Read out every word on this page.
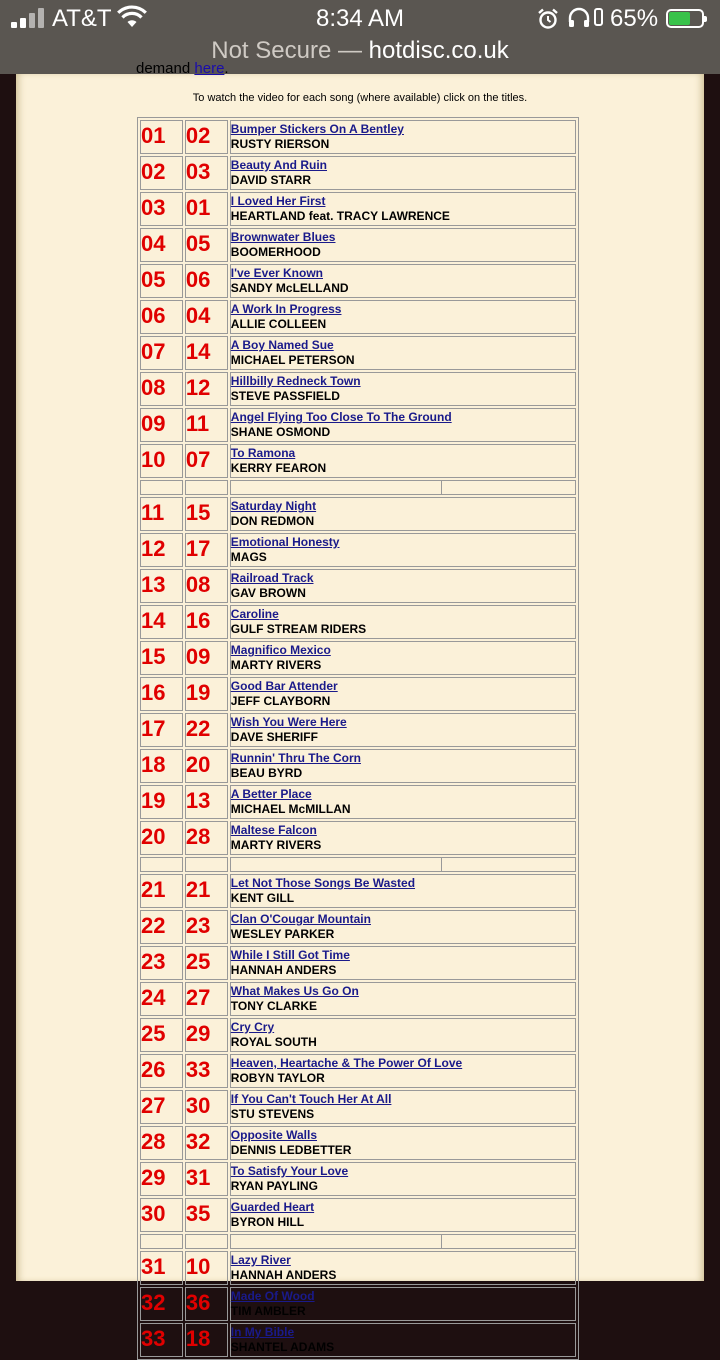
AT&T	8:34 AM	65%
Not Secure — hotdisc.co.uk
demand here.
To watch the video for each song (where available) click on the titles.
01	02	Bumper Stickers On A Bentley
RUSTY RIERSON

02	03	Beauty And Ruin
DAVID STARR

03	01	I Loved Her First
HEARTLAND feat. TRACY LAWRENCE

04	05	Brownwater Blues
BOOMERHOOD

05	06	I've Ever Known
SANDY McLELLAND

06	04	A Work In Progress
ALLIE COLLEEN

07	14	A Boy Named Sue
MICHAEL PETERSON

08	12	Hillbilly Redneck Town
STEVE PASSFIELD

09	11	Angel Flying Too Close To The Ground
SHANE OSMOND

10	07	To Ramona
KERRY FEARON

11	15	Saturday Night
DON REDMON

12	17	Emotional Honesty
MAGS

13	08	Railroad Track
GAV BROWN

14	16	Caroline
GULF STREAM RIDERS

15	09	Magnifico Mexico
MARTY RIVERS

16	19	Good Bar Attender
JEFF CLAYBORN

17	22	Wish You Were Here
DAVE SHERIFF

18	20	Runnin' Thru The Corn
BEAU BYRD

19	13	A Better Place
MICHAEL McMILLAN

20	28	Maltese Falcon
MARTY RIVERS

21	21	Let Not Those Songs Be Wasted
KENT GILL

22	23	Clan O'Cougar Mountain
WESLEY PARKER

23	25	While I Still Got Time
HANNAH ANDERS

24	27	What Makes Us Go On
TONY CLARKE

25	29	Cry Cry
ROYAL SOUTH

26	33	Heaven, Heartache & The Power Of Love
ROBYN TAYLOR

27	30	If You Can't Touch Her At All
STU STEVENS

28	32	Opposite Walls
DENNIS LEDBETTER

29	31	To Satisfy Your Love
RYAN PAYLING

30	35	Guarded Heart
BYRON HILL

31	10	Lazy River
HANNAH ANDERS

32	36	Made Of Wood
TIM AMBLER

33	18	In My Bible
SHANTEL ADAMS
